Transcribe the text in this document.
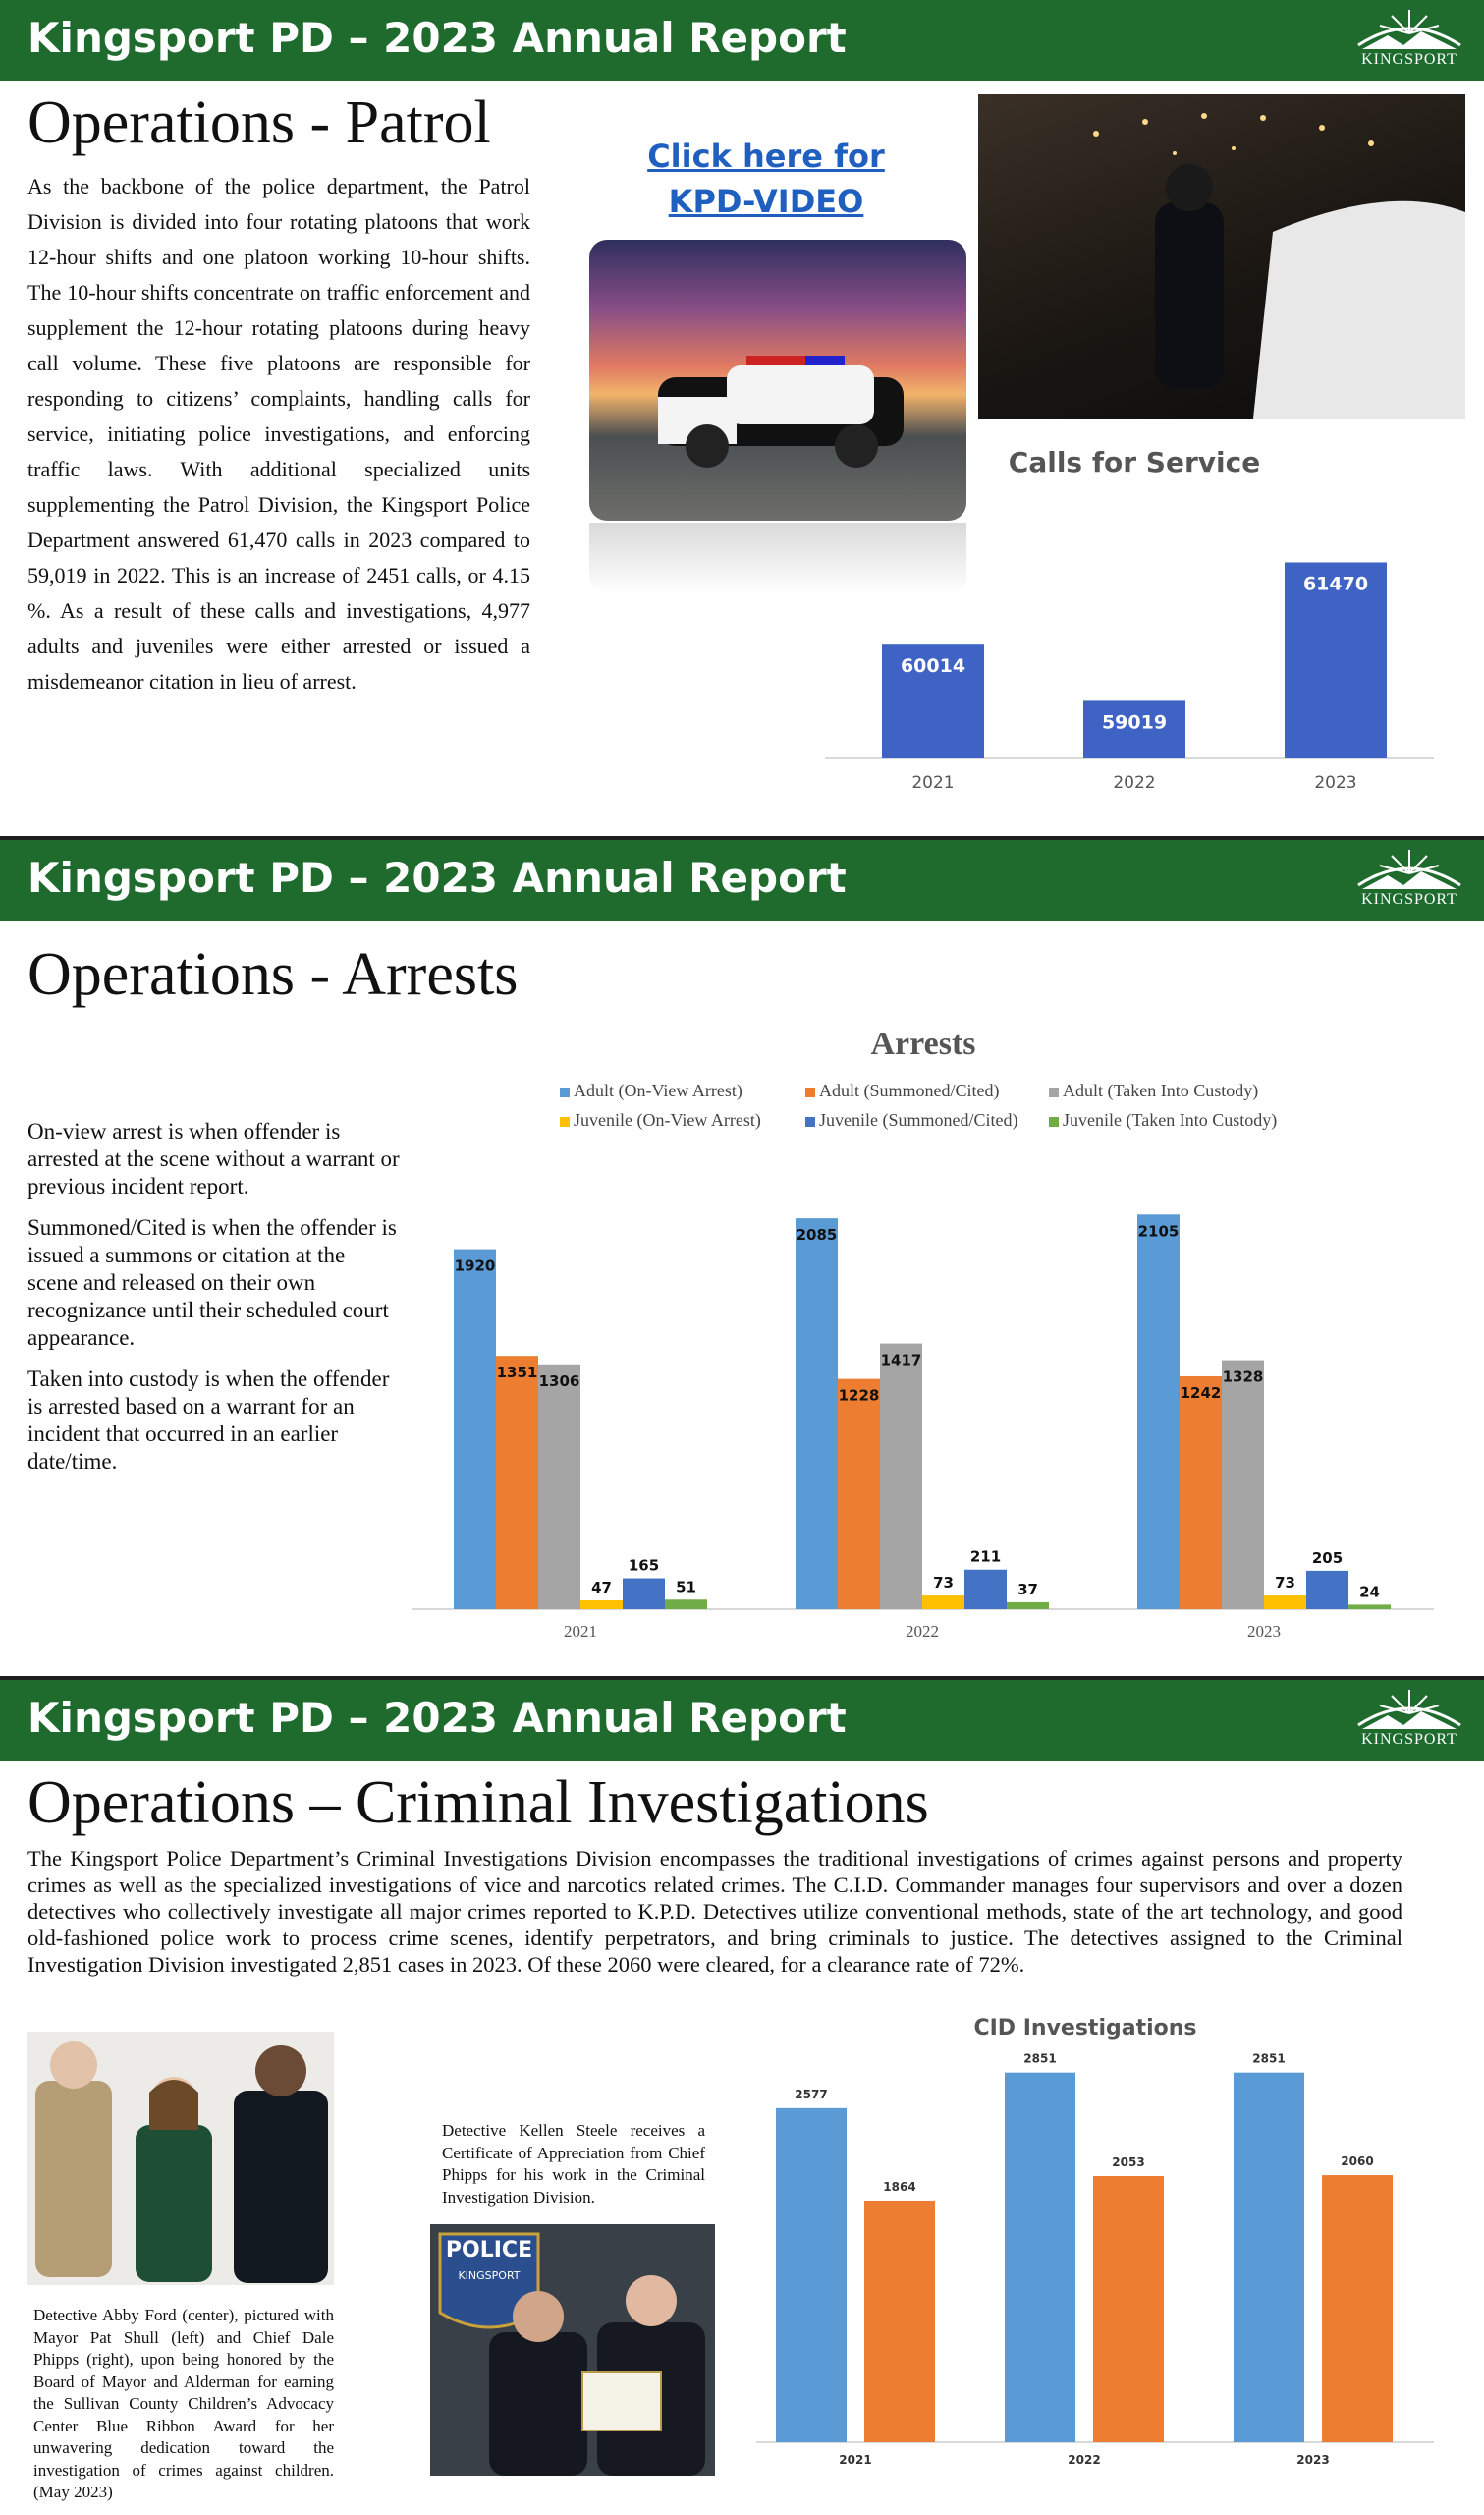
Kingsport PD – 2023 Annual Report	KINGSPORT
Operations - Patrol
As the backbone of the police department, the Patrol Division is divided into four rotating platoons that work 12-hour shifts and one platoon working 10-hour shifts. The 10-hour shifts concentrate on traffic enforcement and supplement the 12-hour rotating platoons during heavy call volume. These five platoons are responsible for responding to citizens’ complaints, handling calls for service, initiating police investigations, and enforcing traffic laws. With additional specialized units supplementing the Patrol Division, the Kingsport Police Department answered 61,470 calls in 2023 compared to 59,019 in 2022. This is an increase of 2451 calls, or 4.15 %. As a result of these calls and investigations, 4,977 adults and juveniles were either arrested or issued a misdemeanor citation in lieu of arrest.
Click here for KPD-VIDEO
Calls for Service
60014
2021
59019
2022
61470
2023
Kingsport PD – 2023 Annual Report	KINGSPORT
Operations - Arrests

On-view arrest is when offender is arrested at the scene without a warrant or previous incident report.

Summoned/Cited is when the offender is issued a summons or citation at the scene and released on their own recognizance until their scheduled court appearance.

Taken into custody is when the offender is arrested based on a warrant for an incident that occurred in an earlier date/time.

Arrests
Adult (On-View Arrest)	Adult (Summoned/Cited)	Adult (Taken Into Custody)
Juvenile (On-View Arrest)	Juvenile (Summoned/Cited)	Juvenile (Taken Into Custody)
1920
1351 1306
47
165
51
2021
2085
1228
1417
73
211
37
2022
2105
1242
1328
73
205
24
2023
Kingsport PD – 2023 Annual Report	KINGSPORT
Operations – Criminal Investigations
The Kingsport Police Department’s Criminal Investigations Division encompasses the traditional investigations of crimes against persons and property crimes as well as the specialized investigations of vice and narcotics related crimes. The C.I.D. Commander manages four supervisors and over a dozen detectives who collectively investigate all major crimes reported to K.P.D. Detectives utilize conventional methods, state of the art technology, and good old-fashioned police work to process crime scenes, identify perpetrators, and bring criminals to justice. The detectives assigned to the Criminal Investigation Division investigated 2,851 cases in 2023. Of these 2060 were cleared, for a clearance rate of 72%.
Detective Abby Ford (center), pictured with Mayor Pat Shull (left) and Chief Dale Phipps (right), upon being honored by the Board of Mayor and Alderman for earning the Sullivan County Children’s Advocacy Center Blue Ribbon Award for her unwavering dedication toward the investigation of crimes against children. (May 2023)
Detective Kellen Steele receives a Certificate of Appreciation from Chief Phipps for his work in the Criminal Investigation Division.
POLICE
KINGSPORT
CID Investigations
2577
1864
2021
2851
2053
2022
2851
2060
2023
